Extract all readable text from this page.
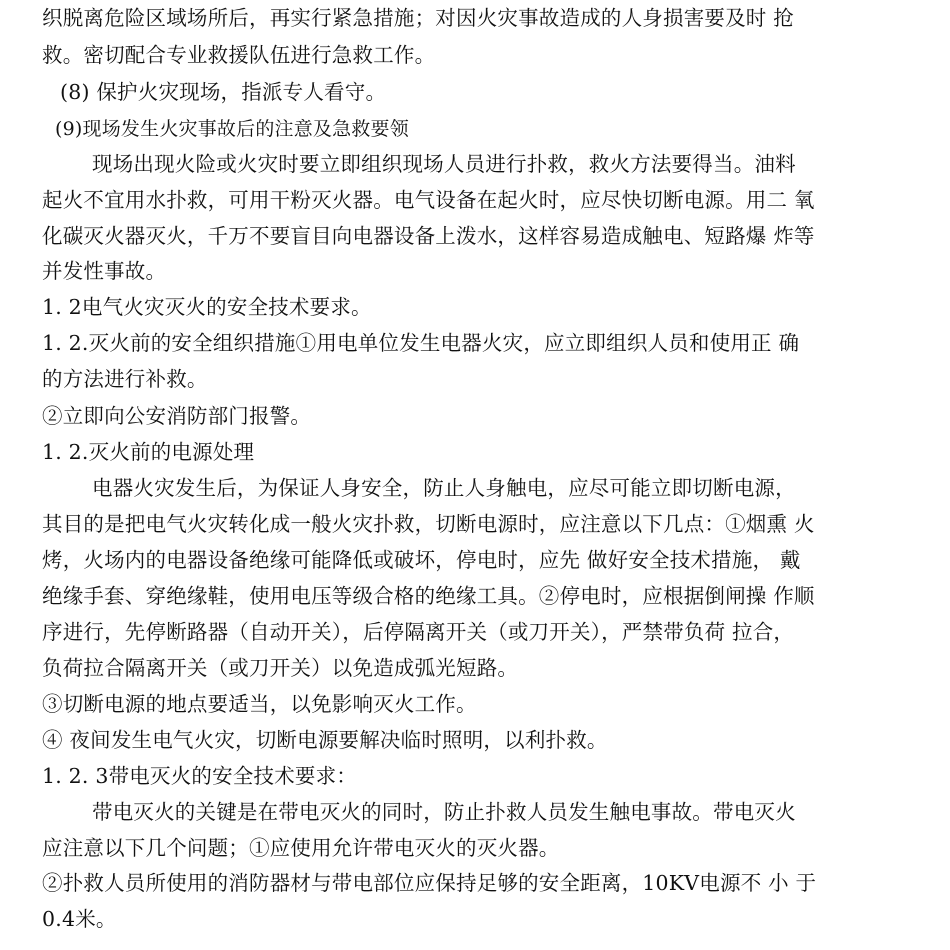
织脱离危险区域场所后，再实行紧急措施；对因火灾事故造成的人身损害要及时 抢
救。密切配合专业救援队伍进行急救工作。
(8) 保护火灾现场，指派专人看守。
(9)现场发生火灾事故后的注意及急救要领
现场出现火险或火灾时要立即组织现场人员进行扑救，救火方法要得当。油料
起火不宜用水扑救，可用干粉灭火器。电气设备在起火时，应尽快切断电源。用二 氧
化碳灭火器灭火，千万不要盲目向电器设备上泼水，这样容易造成触电、短路爆 炸等
并发性事故。
1. 2电气火灾灭火的安全技术要求。
1. 2.灭火前的安全组织措施①用电单位发生电器火灾，应立即组织人员和使用正 确
的方法进行补救。
②立即向公安消防部门报警。
1. 2.灭火前的电源处理
电器火灾发生后，为保证人身安全，防止人身触电，应尽可能立即切断电源，
其目的是把电气火灾转化成一般火灾扑救，切断电源时，应注意以下几点：①烟熏 火
烤，火场内的电器设备绝缘可能降低或破坏，停电时，应先 做好安全技术措施， 戴
绝缘手套、穿绝缘鞋，使用电压等级合格的绝缘工具。②停电时，应根据倒闸操 作顺
序进行，先停断路器（自动开关），后停隔离开关（或刀开关），严禁带负荷 拉合，
负荷拉合隔离开关（或刀开关）以免造成弧光短路。
③切断电源的地点要适当，以免影响灭火工作。
④ 夜间发生电气火灾，切断电源要解决临时照明，以利扑救。
1. 2. 3带电灭火的安全技术要求：
带电灭火的关键是在带电灭火的同时，防止扑救人员发生触电事故。带电灭火
应注意以下几个问题；①应使用允许带电灭火的灭火器。
②扑救人员所使用的消防器材与带电部位应保持足够的安全距离，10KV电源不 小 于
0.4米。
